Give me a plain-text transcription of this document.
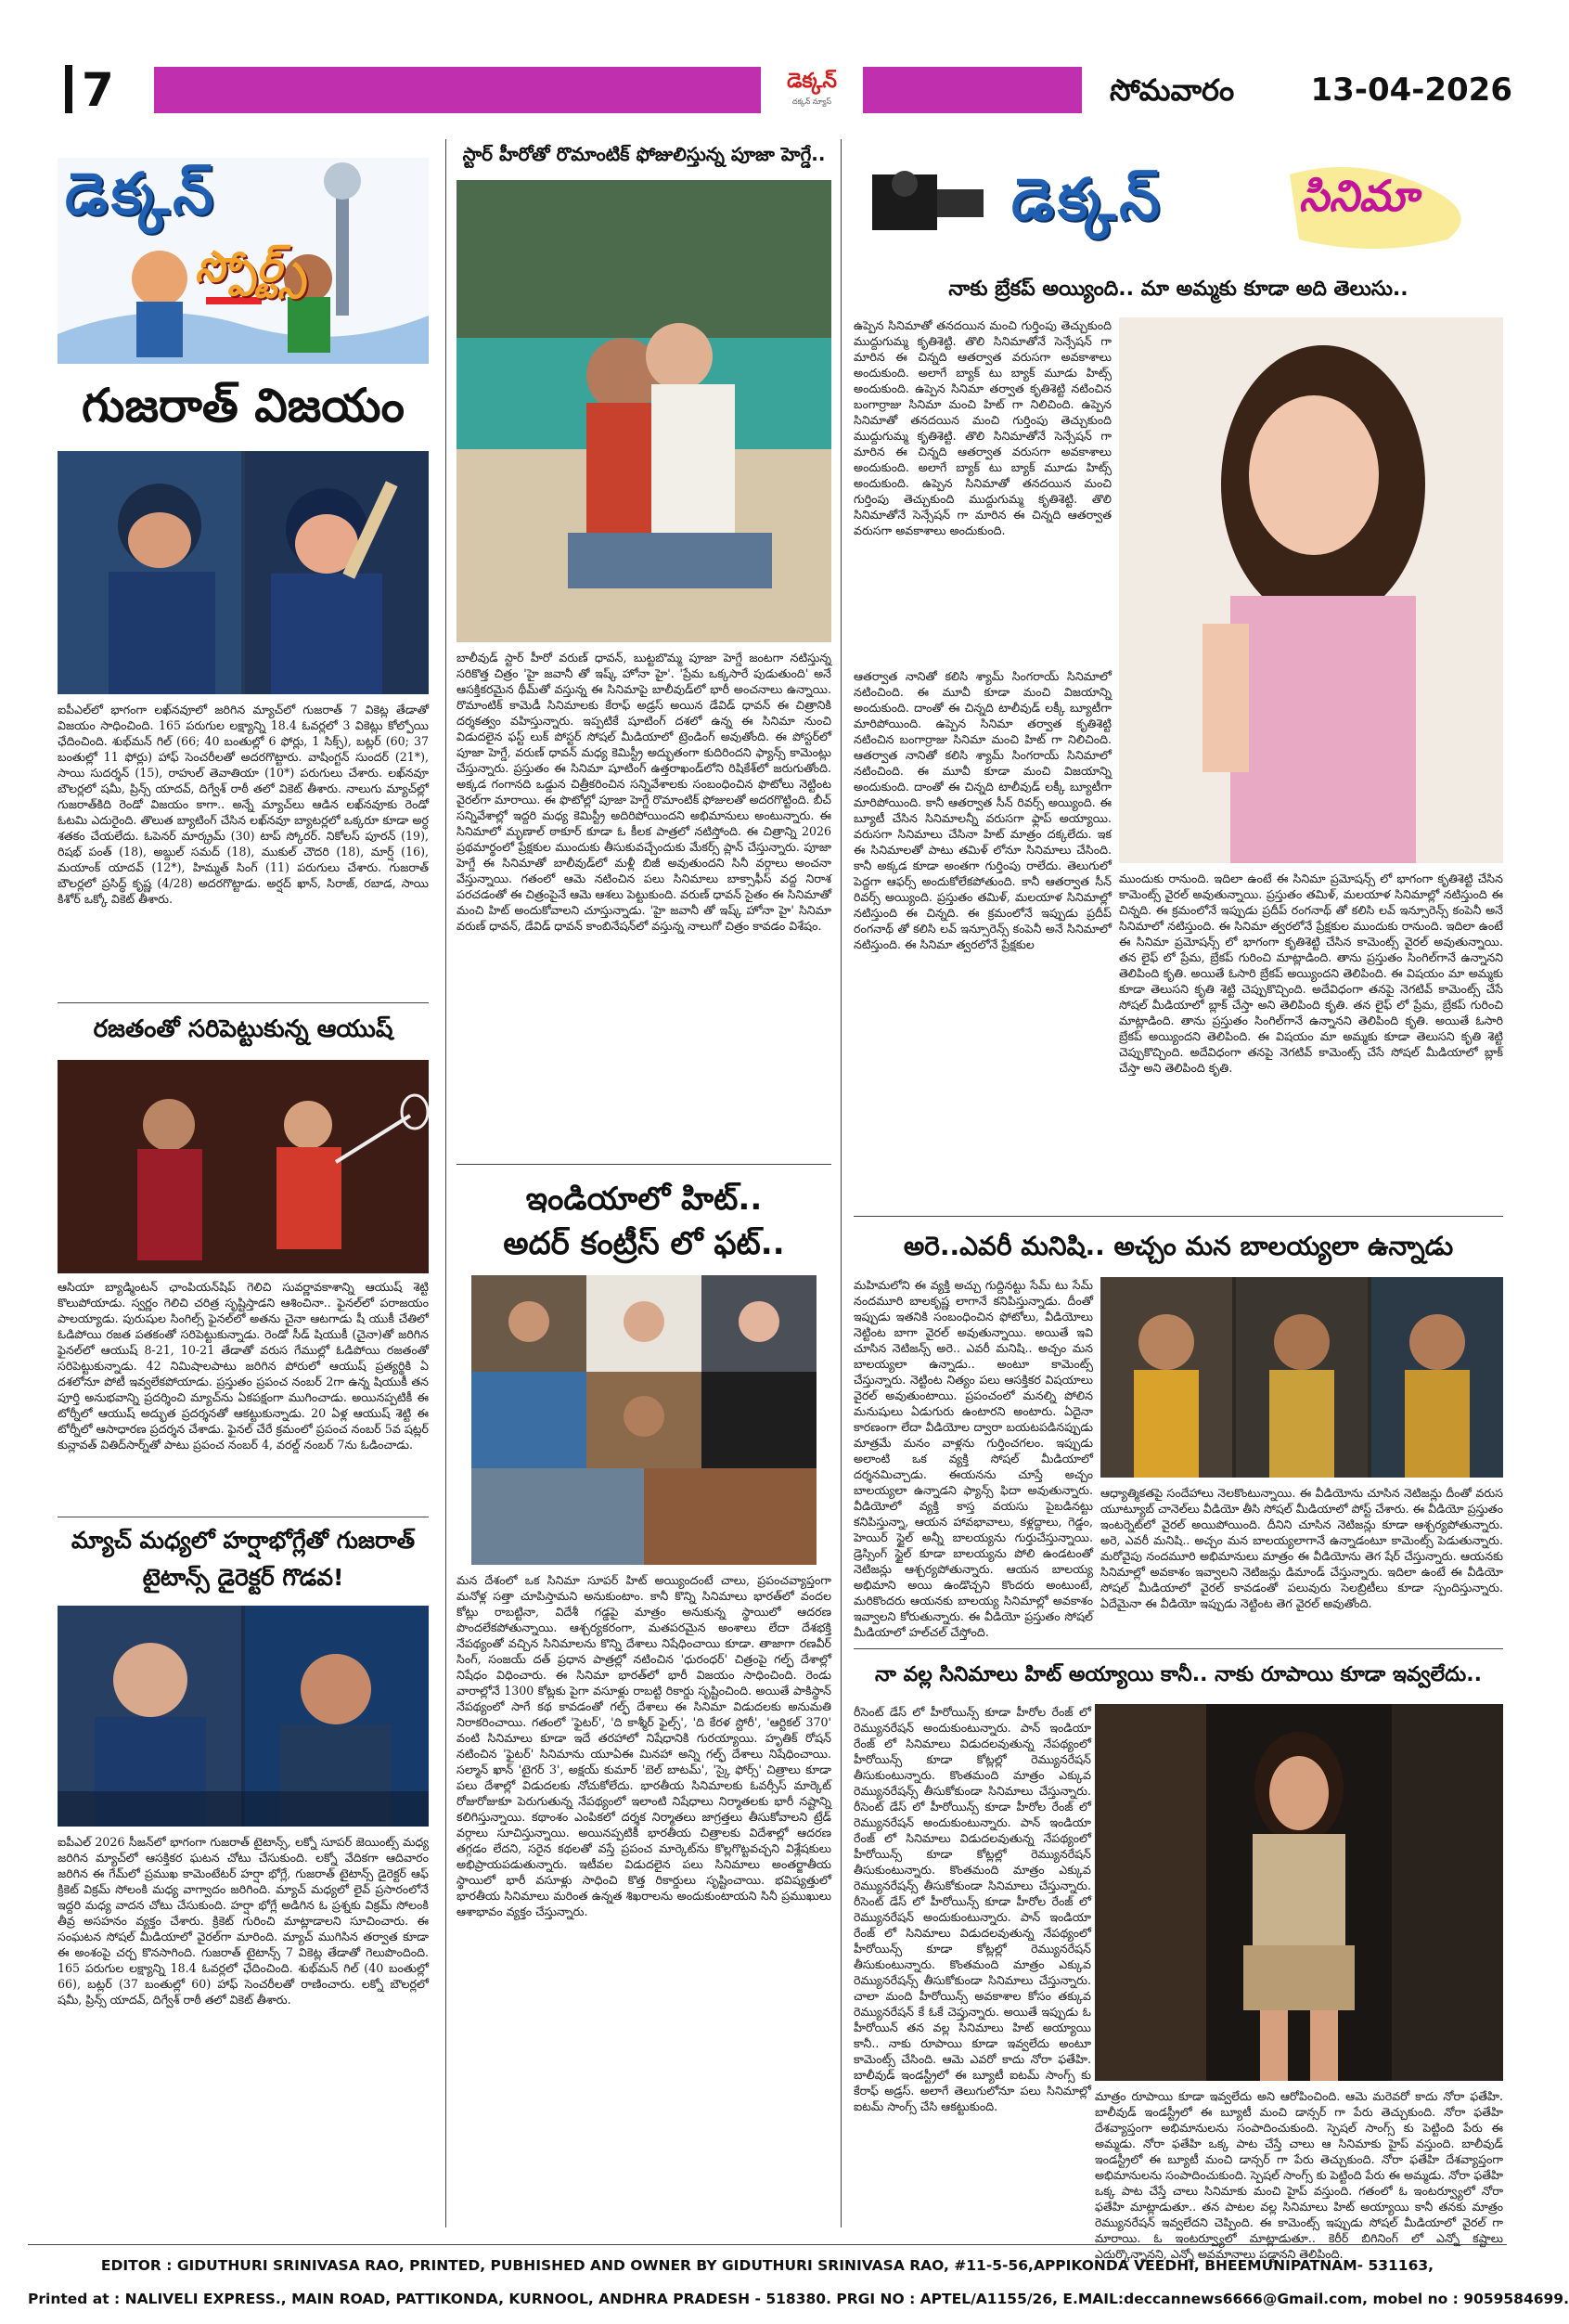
7	డెక్కన్
దక్కన్ న్యూస్	సోమవారం	13-04-2026
డెక్కన్
స్పోర్ట్స్
గుజరాత్ విజయం
ఐపీఎల్‌లో భాగంగా లఖ్‌నవూలో జరిగిన మ్యాచ్‌లో గుజరాత్ 7 వికెట్ల తేడాతో విజయం సాధించింది. 165 పరుగుల లక్ష్యాన్ని 18.4 ఓవర్లలో 3 వికెట్లు కోల్పోయి ఛేదించింది. శుభ్‌మన్ గిల్ (66; 40 బంతుల్లో 6 ఫోర్లు, 1 సిక్స్), బట్లర్ (60; 37 బంతుల్లో 11 ఫోర్లు) హాఫ్ సెంచరీలతో అదరగొట్టారు. వాషింగ్టన్ సుందర్ (21*), సాయి సుదర్శన్ (15), రాహుల్ తెవాతియా (10*) పరుగులు చేశారు. లఖ్‌నవూ బౌలర్లలో షమీ, ప్రిన్స్ యాదవ్, దిగ్వేశ్ రాఠీ తలో వికెట్ తీశారు. నాలుగు మ్యాచ్‌ల్లో గుజరాత్‌కిది రెండో విజయం కాగా.. అన్నే మ్యాచ్‌లు ఆడిన లఖ్‌నవూకు రెండో ఓటమి ఎదురైంది. తొలుత బ్యాటింగ్ చేసిన లఖ్‌నవూ బ్యాటర్లలో ఒక్కరూ కూడా అర్ధ శతకం చేయలేదు. ఓపెనర్ మార్క్రమ్ (30) టాప్ స్కోరర్. నికోలస్ పూరన్ (19), రిషభ్ పంత్ (18), అబ్దుల్ సమద్ (18), ముకుల్ చౌదరి (18), మార్ష్ (16), మయాంక్ యాదవ్ (12*), హిమ్మత్ సింగ్ (11) పరుగులు చేశారు. గుజరాత్ బౌలర్లలో ప్రసిద్ధ్ కృష్ణ (4/28) అదరగొట్టాడు. అర్షద్ ఖాన్, సిరాజ్, రబాడ, సాయి కిశోర్ ఒక్కో వికెట్ తీశారు.
రజతంతో సరిపెట్టుకున్న ఆయుష్
ఆసియా బ్యాడ్మింటన్ ఛాంపియన్‌షిప్ గెలిచి సువర్ణావకాశాన్ని ఆయుష్ శెట్టి కొలుపోయాడు. స్వర్ణం గెలిచి చరిత్ర సృష్టిస్తాడని ఆశించినా.. ఫైనల్‌లో పరాజయం పాలయ్యాడు. పురుషుల సింగిల్స్ ఫైనల్‌లో అతను చైనా ఆటగాడు షీ యుకీ చేతిలో ఓడిపోయి రజత పతకంతో సరిపెట్టుకున్నాడు. రెండో సీడ్ షియుకీ (చైనా)తో జరిగిన ఫైనల్‌లో ఆయుష్ 8-21, 10-21 తేడాతో వరుస గేముల్లో ఓడిపోయి రజతంతో సరిపెట్టుకున్నాడు. 42 నిమిషాలపాటు జరిగిన పోరులో ఆయుష్ ప్రత్యర్థికి ఏ దశలోనూ పోటీ ఇవ్వలేకపోయాడు. ప్రస్తుతం ప్రపంచ నంబర్ 2గా ఉన్న షియుకీ తన పూర్తి అనుభవాన్ని ప్రదర్శించి మ్యాచ్‌ను ఏకపక్షంగా ముగించాడు. అయినప్పటికీ ఈ టోర్నీలో ఆయుష్ అద్భుత ప్రదర్శనతో ఆకట్టుకున్నాడు. 20 ఏళ్ల ఆయుష్ శెట్టి ఈ టోర్నీలో ఆసాధారణ ప్రదర్శన చేశాడు. ఫైనల్ చేరే క్రమంలో ప్రపంచ నంబర్ 5వ షట్లర్ కున్లావత్ వితిద్‌సార్న్‌తో పాటు ప్రపంచ నంబర్ 4, వరల్డ్ నంబర్ 7ను ఓడించాడు.
మ్యాచ్ మధ్యలో హర్షాభోగ్లేతో గుజరాత్
టైటాన్స్ డైరెక్టర్ గొడవ!
ఐపీఎల్ 2026 సీజన్‌లో భాగంగా గుజరాత్ టైటాన్స్, లక్నో సూపర్ జెయింట్స్ మధ్య జరిగిన మ్యాచ్‌లో ఆసక్తికర ఘటన చోటు చేసుకుంది. లక్నో వేదికగా ఆదివారం జరిగిన ఈ గేమ్‌లో ప్రముఖ కామెంటేటర్ హర్షా భోగ్లే, గుజరాత్ టైటాన్స్ డైరెక్టర్ ఆఫ్ క్రికెట్ విక్రమ్ సోలంకి మధ్య వాగ్వాదం జరిగింది. మ్యాచ్ మధ్యలో లైవ్ ప్రసారంలోనే ఇద్దరి మధ్య వాదన చోటు చేసుకుంది. హర్షా భోగ్లే అడిగిన ఓ ప్రశ్నకు విక్రమ్ సోలంకి తీవ్ర అసహనం వ్యక్తం చేశారు. క్రికెట్ గురించి మాట్లాడాలని సూచించారు. ఈ సంఘటన సోషల్ మీడియాలో వైరల్‌గా మారింది. మ్యాచ్ ముగిసిన తర్వాత కూడా ఈ అంశంపై చర్చ కొనసాగింది. గుజరాత్ టైటాన్స్ 7 వికెట్ల తేడాతో గెలుపొందింది. 165 పరుగుల లక్ష్యాన్ని 18.4 ఓవర్లలో ఛేదించింది. శుభ్‌మన్ గిల్ (40 బంతుల్లో 66), బట్లర్ (37 బంతుల్లో 60) హాఫ్ సెంచరీలతో రాణించారు. లక్నో బౌలర్లలో షమీ, ప్రిన్స్ యాదవ్, దిగ్వేశ్ రాఠీ తలో వికెట్ తీశారు.
స్టార్ హీరోతో రొమాంటిక్ ఫోజులిస్తున్న పూజా హెగ్డే..
బాలీవుడ్ స్టార్ హీరో వరుణ్ ధావన్, బుట్టబొమ్మ పూజా హెగ్డే జంటగా నటిస్తున్న సరికొత్త చిత్రం 'హై జవానీ తో ఇష్క్ హోనా హై'. 'ప్రేమ ఒక్కసారే పుడుతుంది' అనే ఆసక్తికరమైన థీమ్‌తో వస్తున్న ఈ సినిమాపై బాలీవుడ్‌లో భారీ అంచనాలు ఉన్నాయి. రొమాంటిక్ కామెడీ సినిమాలకు కేరాఫ్ అడ్రస్ అయిన డేవిడ్ ధావన్ ఈ చిత్రానికి దర్శకత్వం వహిస్తున్నారు. ఇప్పటికే షూటింగ్ దశలో ఉన్న ఈ సినిమా నుంచి విడుదలైన ఫస్ట్ లుక్ పోస్టర్ సోషల్ మీడియాలో ట్రెండింగ్ అవుతోంది. ఈ పోస్టర్‌లో పూజా హెగ్డే, వరుణ్ ధావన్ మధ్య కెమిస్ట్రీ అద్భుతంగా కుదిరిందని ఫ్యాన్స్ కామెంట్లు చేస్తున్నారు. ప్రస్తుతం ఈ సినిమా షూటింగ్ ఉత్తరాఖండ్‌లోని రిషికేశ్‌లో జరుగుతోంది. అక్కడ గంగానది ఒడ్డున చిత్రీకరించిన సన్నివేశాలకు సంబంధించిన ఫొటోలు నెట్టింట వైరల్‌గా మారాయి. ఈ ఫొటోల్లో పూజా హెగ్డే రొమాంటిక్ ఫోజులతో అదరగొట్టింది. బీచ్ సన్నివేశాల్లో ఇద్దరి మధ్య కెమిస్ట్రీ అదిరిపోయిందని అభిమానులు అంటున్నారు. ఈ సినిమాలో మృణాల్ ఠాకూర్ కూడా ఓ కీలక పాత్రలో నటిస్తోంది. ఈ చిత్రాన్ని 2026 ప్రథమార్థంలో ప్రేక్షకుల ముందుకు తీసుకువచ్చేందుకు మేకర్స్ ప్లాన్ చేస్తున్నారు. పూజా హెగ్డే ఈ సినిమాతో బాలీవుడ్‌లో మళ్లీ బిజీ అవుతుందని సినీ వర్గాలు అంచనా వేస్తున్నాయి. గతంలో ఆమె నటించిన పలు సినిమాలు బాక్సాఫీస్ వద్ద నిరాశ పరచడంతో ఈ చిత్రంపైనే ఆమె ఆశలు పెట్టుకుంది. వరుణ్ ధావన్ సైతం ఈ సినిమాతో మంచి హిట్ అందుకోవాలని చూస్తున్నాడు. 'హై జవానీ తో ఇష్క్ హోనా హై' సినిమా వరుణ్ ధావన్, డేవిడ్ ధావన్ కాంబినేషన్‌లో వస్తున్న నాలుగో చిత్రం కావడం విశేషం.
ఇండియాలో హిట్..
అదర్ కంట్రీస్ లో ఫట్..
మన దేశంలో ఒక సినిమా సూపర్ హిట్ అయ్యిందంటే చాలు, ప్రపంచవ్యాప్తంగా మనోళ్ల సత్తా చూపిస్తామని అనుకుంటాం. కానీ కొన్ని సినిమాలు భారత్‌లో వందల కోట్లు రాబట్టినా, విదేశీ గడ్డపై మాత్రం అనుకున్న స్థాయిలో ఆదరణ పొందలేకపోతున్నాయి. ఆశ్చర్యకరంగా, మతపరమైన అంశాలు లేదా దేశభక్తి నేపథ్యంతో వచ్చిన సినిమాలను కొన్ని దేశాలు నిషేధించాయి కూడా. తాజాగా రణవీర్ సింగ్, సంజయ్ దత్ ప్రధాన పాత్రల్లో నటించిన 'ధురంధర్' చిత్రంపై గల్ఫ్ దేశాల్లో నిషేధం విధించారు. ఈ సినిమా భారత్‌లో భారీ విజయం సాధించింది. రెండు వారాల్లోనే 1300 కోట్లకు పైగా వసూళ్లు రాబట్టి రికార్డు సృష్టించింది. అయితే పాకిస్థాన్ నేపథ్యంలో సాగే కథ కావడంతో గల్ఫ్ దేశాలు ఈ సినిమా విడుదలకు అనుమతి నిరాకరించాయి. గతంలో 'ఫైటర్', 'ది కాశ్మీర్ ఫైల్స్', 'ది కేరళ స్టోరీ', 'ఆర్టికల్ 370' వంటి సినిమాలు కూడా ఇదే తరహాలో నిషేధానికి గురయ్యాయి. హృతిక్ రోషన్ నటించిన 'ఫైటర్' సినిమాను యూఏఈ మినహా అన్ని గల్ఫ్ దేశాలు నిషేధించాయి. సల్మాన్ ఖాన్ 'టైగర్ 3', అక్షయ్ కుమార్ 'బెల్ బాటమ్', 'స్కై ఫోర్స్' చిత్రాలు కూడా పలు దేశాల్లో విడుదలకు నోచుకోలేదు. భారతీయ సినిమాలకు ఓవర్సీస్ మార్కెట్ రోజురోజుకూ పెరుగుతున్న నేపథ్యంలో ఇలాంటి నిషేధాలు నిర్మాతలకు భారీ నష్టాన్ని కలిగిస్తున్నాయి. కథాంశం ఎంపికలో దర్శక నిర్మాతలు జాగ్రత్తలు తీసుకోవాలని ట్రేడ్ వర్గాలు సూచిస్తున్నాయి. అయినప్పటికీ భారతీయ చిత్రాలకు విదేశాల్లో ఆదరణ తగ్గడం లేదని, సరైన కథలతో వస్తే ప్రపంచ మార్కెట్‌ను కొల్లగొట్టవచ్చని విశ్లేషకులు అభిప్రాయపడుతున్నారు. ఇటీవల విడుదలైన పలు సినిమాలు అంతర్జాతీయ స్థాయిలో భారీ వసూళ్లు సాధించి కొత్త రికార్డులు సృష్టించాయి. భవిష్యత్తులో భారతీయ సినిమాలు మరింత ఉన్నత శిఖరాలను అందుకుంటాయని సినీ ప్రముఖులు ఆశాభావం వ్యక్తం చేస్తున్నారు.
డెక్కన్	సినిమా
నాకు బ్రేకప్ అయ్యింది.. మా అమ్మకు కూడా అది తెలుసు..
ఉప్పెన సినిమాతో తనదయిన మంచి గుర్తింపు తెచ్చుకుంది ముద్దుగుమ్మ కృతిశెట్టి. తొలి సినిమాతోనే సెన్సేషన్ గా మారిన ఈ చిన్నది ఆతర్వాత వరుసగా అవకాశాలు అందుకుంది. అలాగే బ్యాక్ టు బ్యాక్ మూడు హిట్స్ అందుకుంది. ఉప్పెన సినిమా తర్వాత కృతిశెట్టి నటించిన బంగార్రాజు సినిమా మంచి హిట్ గా నిలిచింది. ఉప్పెన సినిమాతో తనదయిన మంచి గుర్తింపు తెచ్చుకుంది ముద్దుగుమ్మ కృతిశెట్టి. తొలి సినిమాతోనే సెన్సేషన్ గా మారిన ఈ చిన్నది ఆతర్వాత వరుసగా అవకాశాలు అందుకుంది. అలాగే బ్యాక్ టు బ్యాక్ మూడు హిట్స్ అందుకుంది. ఉప్పెన సినిమాతో తనదయిన మంచి గుర్తింపు తెచ్చుకుంది ముద్దుగుమ్మ కృతిశెట్టి. తొలి సినిమాతోనే సెన్సేషన్ గా మారిన ఈ చిన్నది ఆతర్వాత వరుసగా అవకాశాలు అందుకుంది.
ఆతర్వాత నానితో కలిసి శ్యామ్ సింగరాయ్ సినిమాలో నటించింది. ఈ మూవీ కూడా మంచి విజయాన్ని అందుకుంది. దాంతో ఈ చిన్నది టాలీవుడ్ లక్కీ బ్యూటీగా మారిపోయింది. ఉప్పెన సినిమా తర్వాత కృతిశెట్టి నటించిన బంగార్రాజు సినిమా మంచి హిట్ గా నిలిచింది. ఆతర్వాత నానితో కలిసి శ్యామ్ సింగరాయ్ సినిమాలో నటించింది. ఈ మూవీ కూడా మంచి విజయాన్ని అందుకుంది. దాంతో ఈ చిన్నది టాలీవుడ్ లక్కీ బ్యూటీగా మారిపోయింది. కానీ ఆతర్వాత సీన్ రివర్స్ అయ్యింది. ఈ బ్యూటీ చేసిన సినిమాలన్నీ వరుసగా ఫ్లాప్ అయ్యాయి. వరుసగా సినిమాలు చేసినా హిట్ మాత్రం దక్కలేదు. ఇక ఈ సినిమాలతో పాటు తమిళ్ లోనూ సినిమాలు చేసింది. కానీ అక్కడ కూడా అంతగా గుర్తింపు రాలేదు. తెలుగులో పెద్దగా ఆఫర్స్ అందుకోలేకపోతుంది. కానీ ఆతర్వాత సీన్ రివర్స్ అయ్యింది. ప్రస్తుతం తమిళ్, మలయాళ సినిమాల్లో నటిస్తుంది ఈ చిన్నది. ఈ క్రమంలోనే ఇప్పుడు ప్రదీప్ రంగనాథ్ తో కలిసి లవ్ ఇన్సూరెన్స్ కంపెనీ అనే సినిమాలో నటిస్తుంది. ఈ సినిమా త్వరలోనే ప్రేక్షకుల
ముందుకు రానుంది. ఇదిలా ఉంటే ఈ సినిమా ప్రమోషన్స్ లో భాగంగా కృతిశెట్టి చేసిన కామెంట్స్ వైరల్ అవుతున్నాయి. ప్రస్తుతం తమిళ్, మలయాళ సినిమాల్లో నటిస్తుంది ఈ చిన్నది. ఈ క్రమంలోనే ఇప్పుడు ప్రదీప్ రంగనాథ్ తో కలిసి లవ్ ఇన్సూరెన్స్ కంపెనీ అనే సినిమాలో నటిస్తుంది. ఈ సినిమా త్వరలోనే ప్రేక్షకుల ముందుకు రానుంది. ఇదిలా ఉంటే ఈ సినిమా ప్రమోషన్స్ లో భాగంగా కృతిశెట్టి చేసిన కామెంట్స్ వైరల్ అవుతున్నాయి. తన లైఫ్ లో ప్రేమ, బ్రేకప్ గురించి మాట్లాడింది. తాను ప్రస్తుతం సింగిల్‌గానే ఉన్నానని తెలిపింది కృతి. అయితే ఓసారి బ్రేకప్ అయ్యిందని తెలిపింది. ఈ విషయం మా అమ్మకు కూడా తెలుసని కృతి శెట్టి చెప్పుకొచ్చింది. అదేవిధంగా తనపై నెగటివ్ కామెంట్స్ చేసే సోషల్ మీడియాలో బ్లాక్ చేస్తా అని తెలిపింది కృతి. తన లైఫ్ లో ప్రేమ, బ్రేకప్ గురించి మాట్లాడింది. తాను ప్రస్తుతం సింగిల్‌గానే ఉన్నానని తెలిపింది కృతి. అయితే ఓసారి బ్రేకప్ అయ్యిందని తెలిపింది. ఈ విషయం మా అమ్మకు కూడా తెలుసని కృతి శెట్టి చెప్పుకొచ్చింది. అదేవిధంగా తనపై నెగటివ్ కామెంట్స్ చేసే సోషల్ మీడియాలో బ్లాక్ చేస్తా అని తెలిపింది కృతి.
అరె..ఎవరీ మనిషి.. అచ్చం మన బాలయ్యలా ఉన్నాడు
మహిమలోని ఈ వ్యక్తి అచ్చు గుద్దినట్టు సేమ్ టు సేమ్ నందమూరి బాలకృష్ణ లాగానే కనిపిస్తున్నాడు. దీంతో ఇప్పుడు ఇతనికి సంబంధించిన ఫోటోలు, వీడియోలు నెట్టింట బాగా వైరల్ అవుతున్నాయి. అయితే ఇవి చూసిన నెటిజన్స్ అరె.. ఎవరీ మనిషి.. అచ్చం మన బాలయ్యలా ఉన్నాడు.. అంటూ కామెంట్స్ చేస్తున్నారు. నెట్టింట నిత్యం పలు ఆసక్తికర విషయాలు వైరల్ అవుతుంటాయి. ప్రపంచంలో మనల్ని పోలిన మనుషులు ఏడుగురు ఉంటారని అంటారు. ఏదైనా కారణంగా లేదా వీడియోల ద్వారా బయటపడినప్పుడు మాత్రమే మనం వాళ్లను గుర్తించగలం. ఇప్పుడు అలాంటి ఒక వ్యక్తి సోషల్ మీడియాలో దర్శనమిచ్చాడు. ఈయనను చూస్తే అచ్చం బాలయ్యలా ఉన్నాడని ఫ్యాన్స్ ఫిదా అవుతున్నారు. వీడియోలో వ్యక్తి కాస్త వయసు పైబడినట్టు కనిపిస్తున్నా, ఆయన హావభావాలు, కళ్లద్దాలు, గెడ్డం, హెయిర్ స్టైల్ అన్నీ బాలయ్యను గుర్తుచేస్తున్నాయి. డ్రెస్సింగ్ స్టైల్ కూడా బాలయ్యను పోలి ఉండటంతో నెటిజన్లు ఆశ్చర్యపోతున్నారు. ఆయన బాలయ్య అభిమాని అయి ఉండొచ్చని కొందరు అంటుంటే, మరికొందరు ఆయనకు బాలయ్య సినిమాల్లో అవకాశం ఇవ్వాలని కోరుతున్నారు. ఈ వీడియో ప్రస్తుతం సోషల్ మీడియాలో హల్‌చల్ చేస్తోంది.
ఆధ్యాత్మికతపై సందేహాలు నెలకొంటున్నాయి. ఈ వీడియోను చూసిన నెటిజన్లు దీంతో వరుస యూట్యూబ్ చానెల్‌లు వీడియో తీసి సోషల్ మీడియాలో పోస్ట్ చేశారు. ఈ వీడియో ప్రస్తుతం ఇంటర్నెట్‌లో వైరల్ అయిపోయింది. దీనిని చూసిన నెటిజన్లు కూడా ఆశ్చర్యపోతున్నారు. అరె, ఎవరీ మనిషి.. అచ్చం మన బాలయ్యలాగానే ఉన్నాడంటూ కామెంట్స్ పెడుతున్నారు. మరోవైపు నందమూరి అభిమానులు మాత్రం ఈ వీడియోను తెగ షేర్ చేస్తున్నారు. ఆయనకు సినిమాల్లో అవకాశం ఇవ్వాలని నెటిజన్లు డిమాండ్ చేస్తున్నారు. ఇదిలా ఉంటే ఈ వీడియో సోషల్ మీడియాలో వైరల్ కావడంతో పలువురు సెలబ్రిటీలు కూడా స్పందిస్తున్నారు. ఏదేమైనా ఈ వీడియో ఇప్పుడు నెట్టింట తెగ వైరల్ అవుతోంది.
నా వల్ల సినిమాలు హిట్ అయ్యాయి కానీ.. నాకు రూపాయి కూడా ఇవ్వలేదు..
రీసెంట్ డేస్ లో హీరోయిన్స్ కూడా హీరోల రేంజ్ లో రెమ్యునరేషన్ అందుకుంటున్నారు. పాన్ ఇండియా రేంజ్ లో సినిమాలు విడుదలవుతున్న నేపథ్యంలో హీరోయిన్స్ కూడా కోట్లల్లో రెమ్యునరేషన్ తీసుకుంటున్నారు. కొంతమంది మాత్రం ఎక్కువ రెమ్యునరేషన్స్ తీసుకోకుండా సినిమాలు చేస్తున్నారు. రీసెంట్ డేస్ లో హీరోయిన్స్ కూడా హీరోల రేంజ్ లో రెమ్యునరేషన్ అందుకుంటున్నారు. పాన్ ఇండియా రేంజ్ లో సినిమాలు విడుదలవుతున్న నేపథ్యంలో హీరోయిన్స్ కూడా కోట్లల్లో రెమ్యునరేషన్ తీసుకుంటున్నారు. కొంతమంది మాత్రం ఎక్కువ రెమ్యునరేషన్స్ తీసుకోకుండా సినిమాలు చేస్తున్నారు. రీసెంట్ డేస్ లో హీరోయిన్స్ కూడా హీరోల రేంజ్ లో రెమ్యునరేషన్ అందుకుంటున్నారు. పాన్ ఇండియా రేంజ్ లో సినిమాలు విడుదలవుతున్న నేపథ్యంలో హీరోయిన్స్ కూడా కోట్లల్లో రెమ్యునరేషన్ తీసుకుంటున్నారు. కొంతమంది మాత్రం ఎక్కువ రెమ్యునరేషన్స్ తీసుకోకుండా సినిమాలు చేస్తున్నారు. చాలా మంది హీరోయిన్స్ అవకాశాల కోసం తక్కువ రెమ్యునరేషన్ కే ఓకే చెప్తున్నారు. అయితే ఇప్పుడు ఓ హీరోయిన్ తన వల్ల సినిమాలు హిట్ అయ్యాయి కానీ.. నాకు రూపాయి కూడా ఇవ్వలేదు అంటూ కామెంట్స్ చేసింది. ఆమె ఎవరో కాదు నోరా ఫతేహి. బాలీవుడ్ ఇండస్ట్రీలో ఈ బ్యూటీ ఐటమ్ సాంగ్స్ కు కేరాఫ్ అడ్రస్. అలాగే తెలుగులోనూ పలు సినిమాల్లో ఐటమ్ సాంగ్స్ చేసి ఆకట్టుకుంది.
మాత్రం రూపాయి కూడా ఇవ్వలేదు అని ఆరోపించింది. ఆమె మరెవరో కాదు నోరా ఫతేహి. బాలీవుడ్ ఇండస్ట్రీలో ఈ బ్యూటీ మంచి డాన్సర్ గా పేరు తెచ్చుకుంది. నోరా ఫతేహి దేశవ్యాప్తంగా అభిమానులను సంపాదించుకుంది. స్పెషల్ సాంగ్స్ కు పెట్టింది పేరు ఈ అమ్మడు. నోరా ఫతేహి ఒక్క పాట చేస్తే చాలు ఆ సినిమాకు హైప్ వస్తుంది. బాలీవుడ్ ఇండస్ట్రీలో ఈ బ్యూటీ మంచి డాన్సర్ గా పేరు తెచ్చుకుంది. నోరా ఫతేహి దేశవ్యాప్తంగా అభిమానులను సంపాదించుకుంది. స్పెషల్ సాంగ్స్ కు పెట్టింది పేరు ఈ అమ్మడు. నోరా ఫతేహి ఒక్క పాట చేస్తే చాలు సినిమాకు మంచి హైప్ వస్తుంది. గతంలో ఓ ఇంటర్వ్యూలో నోరా ఫతేహి మాట్లాడుతూ.. తన పాటల వల్ల సినిమాలు హిట్ అయ్యాయి కానీ తనకు మాత్రం రెమ్యునరేషన్ ఇవ్వలేదని చెప్పింది. ఈ కామెంట్స్ ఇప్పుడు సోషల్ మీడియాలో వైరల్ గా మారాయి. ఓ ఇంటర్వ్యూలో మాట్లాడుతూ.. కెరీర్ బిగినింగ్ లో ఎన్నో కష్టాలు ఎదుర్కొన్నానని, ఎన్నో అవమానాలు పడ్డానని తెలిపింది.
EDITOR : GIDUTHURI SRINIVASA RAO, PRINTED, PUBHISHED AND OWNER BY GIDUTHURI SRINIVASA RAO, #11-5-56,APPIKONDA VEEDHI, BHEEMUNIPATNAM- 531163,
Printed at : NALIVELI EXPRESS., MAIN ROAD, PATTIKONDA, KURNOOL, ANDHRA PRADESH - 518380. PRGI NO : APTEL/A1155/26, E.MAIL:deccannews6666@Gmail.com, mobel no : 9059584699.
